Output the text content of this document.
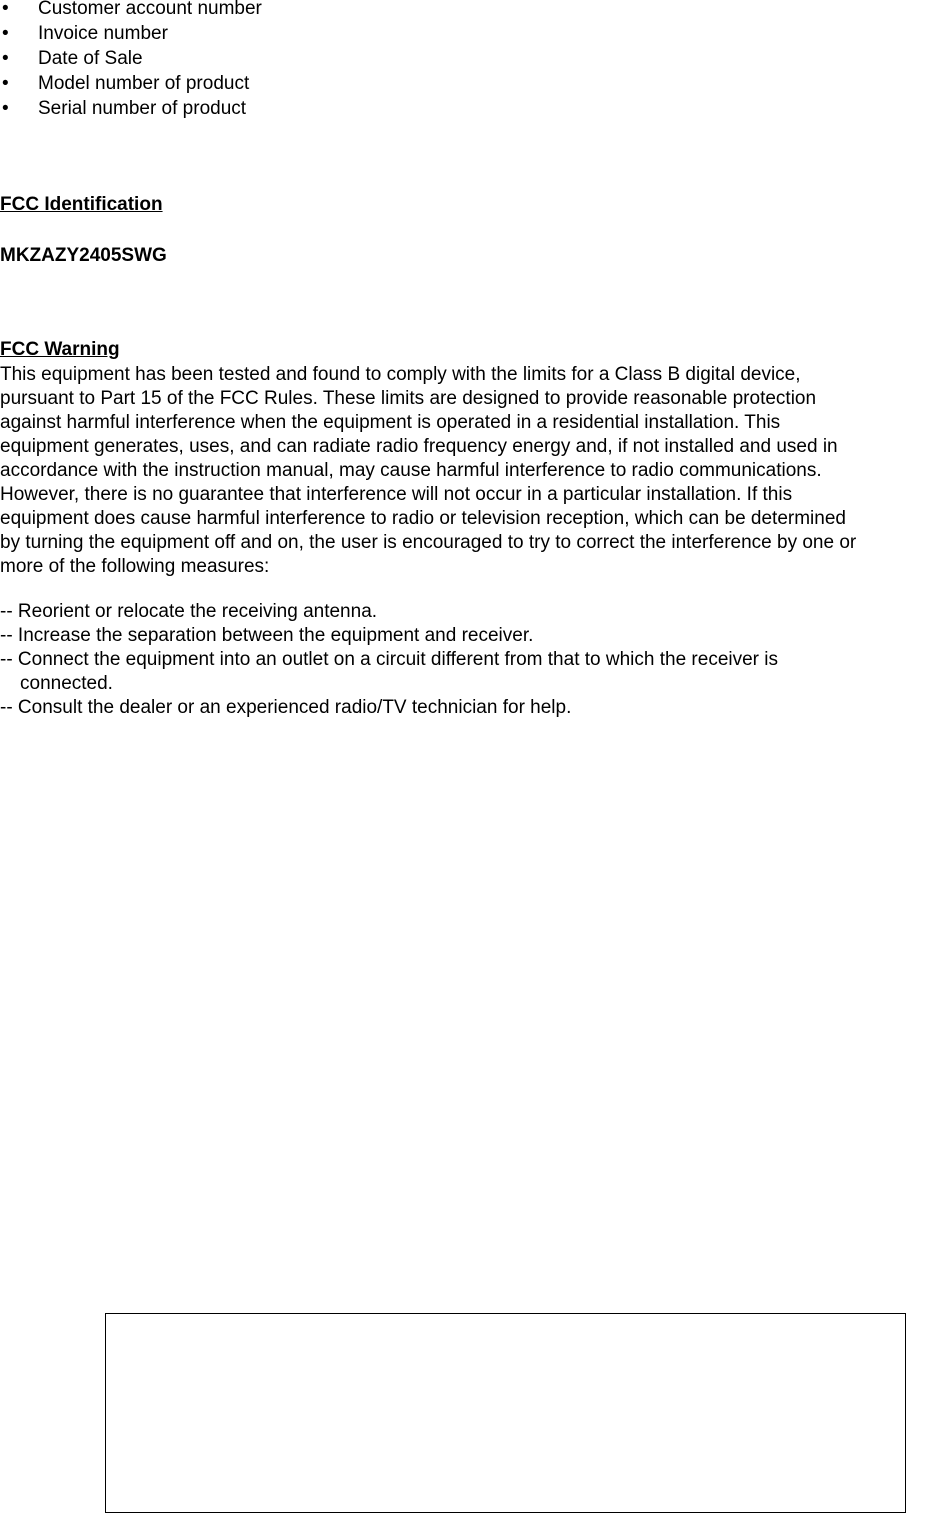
•	Customer account number
•	Invoice number
•	Date of Sale
•	Model number of product
•	Serial number of product
FCC Identification
MKZAZY2405SWG
FCC Warning
This equipment has been tested and found to comply with the limits for a Class B digital device,
pursuant to Part 15 of the FCC Rules. These limits are designed to provide reasonable protection
against harmful interference when the equipment is operated in a residential installation. This
equipment generates, uses, and can radiate radio frequency energy and, if not installed and used in
accordance with the instruction manual, may cause harmful interference to radio communications.
However, there is no guarantee that interference will not occur in a particular installation. If this
equipment does cause harmful interference to radio or television reception, which can be determined
by turning the equipment off and on, the user is encouraged to try to correct the interference by one or
more of the following measures:
-- Reorient or relocate the receiving antenna.
-- Increase the separation between the equipment and receiver.
-- Connect the equipment into an outlet on a circuit different from that to which the receiver is
connected.
-- Consult the dealer or an experienced radio/TV technician for help.
